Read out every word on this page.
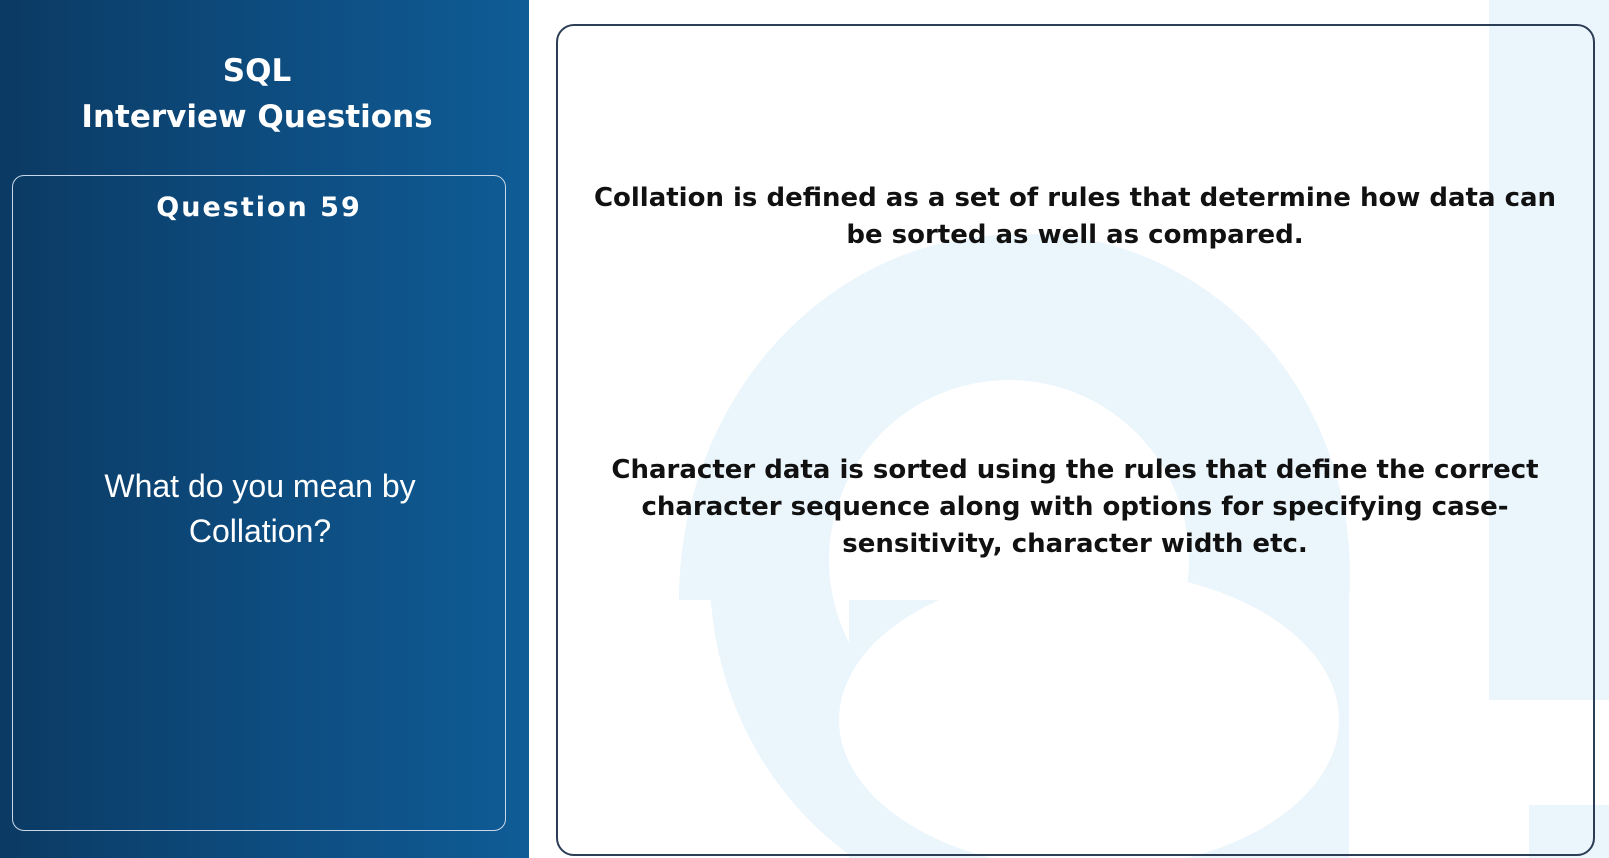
SQL
Interview Questions
Question 59
What do you mean by
Collation?
Collation is defined as a set of rules that determine how data can
be sorted as well as compared.
Character data is sorted using the rules that define the correct
character sequence along with options for specifying case-
sensitivity, character width etc.
